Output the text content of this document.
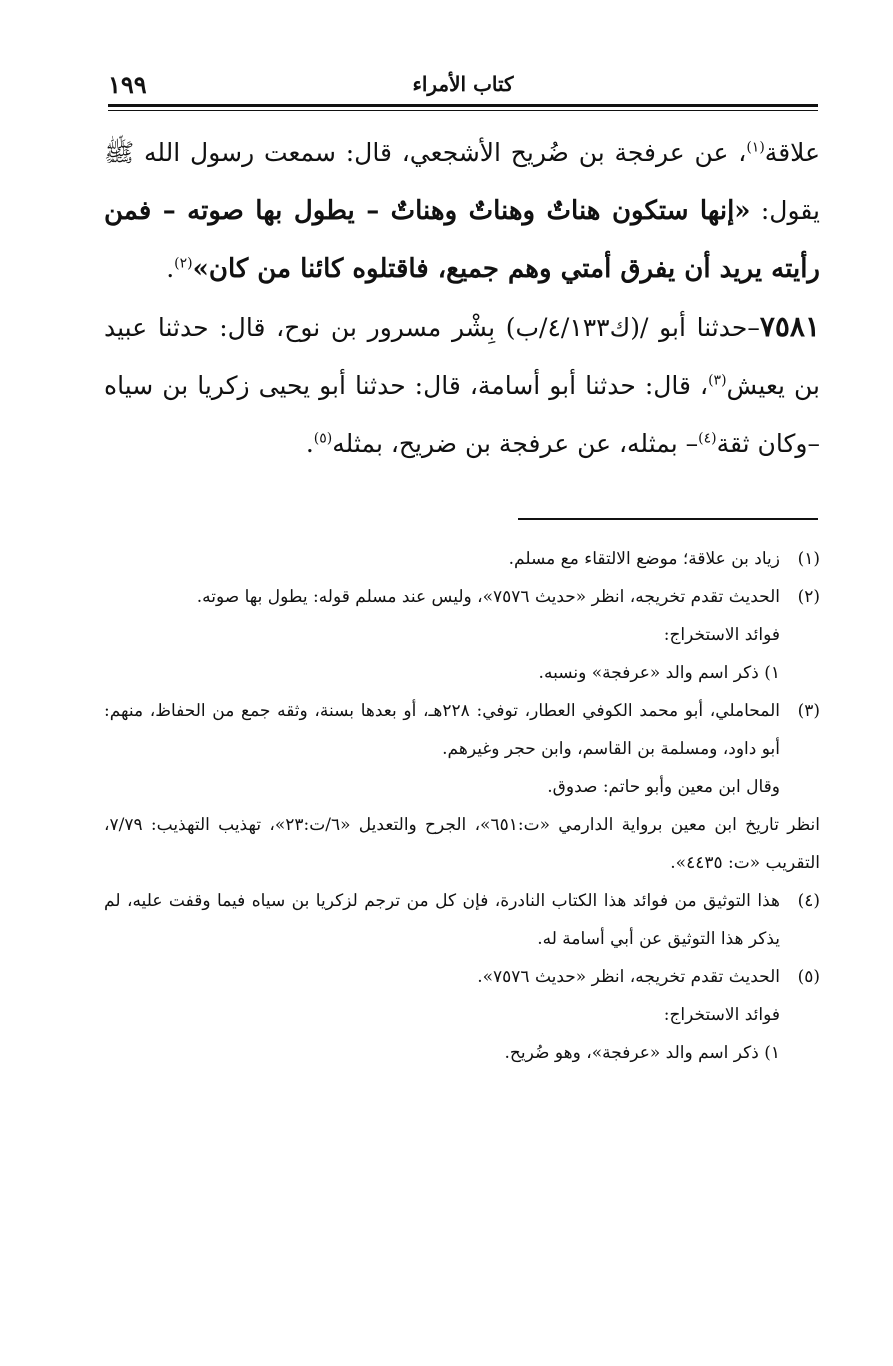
كتاب الأمراء
١٩٩

علاقة$^{(١)}$، عن عرفجة بن ضُريح الأشجعي، قال: سمعت رسول الله ﷺ يقول: «إنها ستكون هناتٌ وهناتٌ وهناتٌ – يطول بها صوته – فمن رأيته يريد أن يفرق أمتي وهم جميع، فاقتلوه كائنا من كان»$^{(٢)}$.

٧٥٨١–حدثنا أبو /(ك٤/١٣٣/ب) بِشْر مسرور بن نوح، قال: حدثنا عبيد بن يعيش$^{(٣)}$، قال: حدثنا أبو أسامة، قال: حدثنا أبو يحيى زكريا بن سياه –وكان ثقة$^{(٤)}$– بمثله، عن عرفجة بن ضريح، بمثله$^{(٥)}$.

(١)
زياد بن علاقة؛ موضع الالتقاء مع مسلم.
(٢)
الحديث تقدم تخريجه، انظر «حديث ٧٥٧٦»، وليس عند مسلم قوله: يطول بها صوته.

فوائد الاستخراج:

١) ذكر اسم والد «عرفجة» ونسبه.

(٣)
المحاملي، أبو محمد الكوفي العطار، توفي: ٢٢٨هـ، أو بعدها بسنة، وثقه جمع من الحفاظ، منهم: أبو داود، ومسلمة بن القاسم، وابن حجر وغيرهم.

وقال ابن معين وأبو حاتم: صدوق.

انظر تاريخ ابن معين برواية الدارمي «ت:٦٥١»، الجرح والتعديل «٦/ت:٢٣»، تهذيب التهذيب: ٧/٧٩، التقريب «ت: ٤٤٣٥».

(٤)
هذا التوثيق من فوائد هذا الكتاب النادرة، فإن كل من ترجم لزكريا بن سياه فيما وقفت عليه، لم يذكر هذا التوثيق عن أبي أسامة له.
(٥)
الحديث تقدم تخريجه، انظر «حديث ٧٥٧٦».

فوائد الاستخراج:

١) ذكر اسم والد «عرفجة»، وهو ضُريح.
